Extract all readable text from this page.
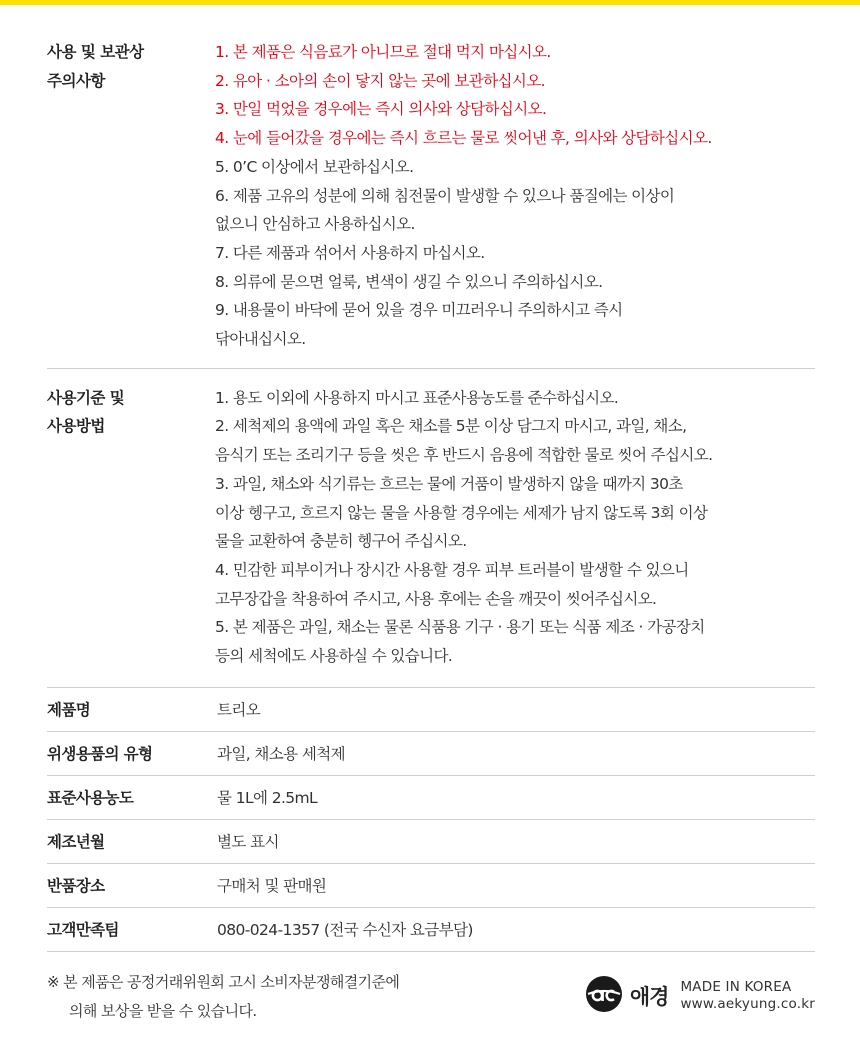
사용 및 보관상
주의사항
1. 본 제품은 식음료가 아니므로 절대 먹지 마십시오.
2. 유아 · 소아의 손이 닿지 않는 곳에 보관하십시오.
3. 만일 먹었을 경우에는 즉시 의사와 상담하십시오.
4. 눈에 들어갔을 경우에는 즉시 흐르는 물로 씻어낸 후, 의사와 상담하십시오.
5. 0’C 이상에서 보관하십시오.
6. 제품 고유의 성분에 의해 침전물이 발생할 수 있으나 품질에는 이상이
없으니 안심하고 사용하십시오.
7. 다른 제품과 섞어서 사용하지 마십시오.
8. 의류에 묻으면 얼룩, 변색이 생길 수 있으니 주의하십시오.
9. 내용물이 바닥에 묻어 있을 경우 미끄러우니 주의하시고 즉시
닦아내십시오.
사용기준 및
사용방법
1. 용도 이외에 사용하지 마시고 표준사용농도를 준수하십시오.
2. 세척제의 용액에 과일 혹은 채소를 5분 이상 담그지 마시고, 과일, 채소,
음식기 또는 조리기구 등을 씻은 후 반드시 음용에 적합한 물로 씻어 주십시오.
3. 과일, 채소와 식기류는 흐르는 물에 거품이 발생하지 않을 때까지 30초
이상 헹구고, 흐르지 않는 물을 사용할 경우에는 세제가 남지 않도록 3회 이상
물을 교환하여 충분히 헹구어 주십시오.
4. 민감한 피부이거나 장시간 사용할 경우 피부 트러블이 발생할 수 있으니
고무장갑을 착용하여 주시고, 사용 후에는 손을 깨끗이 씻어주십시오.
5. 본 제품은 과일, 채소는 물론 식품용 기구 · 용기 또는 식품 제조 · 가공장치
등의 세척에도 사용하실 수 있습니다.
제품명	트리오
위생용품의 유형	과일, 채소용 세척제
표준사용농도	물 1L에 2.5mL
제조년월	별도 표시
반품장소	구매처 및 판매원
고객만족팀	080-024-1357 (전국 수신자 요금부담)
※ 본 제품은 공정거래위원회 고시 소비자분쟁해결기준에
의해 보상을 받을 수 있습니다.
애경 MADE IN KOREA
www.aekyung.co.kr
